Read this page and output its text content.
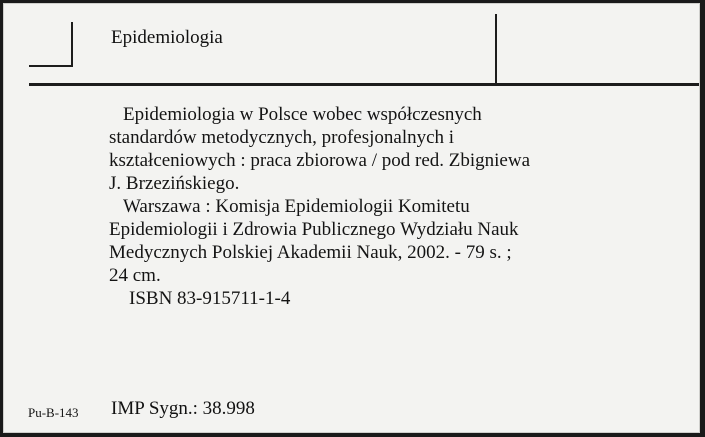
Epidemiologia
Epidemiologia w Polsce wobec współczesnych
standardów metodycznych, profesjonalnych i
kształceniowych : praca zbiorowa / pod red. Zbigniewa
J. Brzezińskiego.
Warszawa : Komisja Epidemiologii Komitetu
Epidemiologii i Zdrowia Publicznego Wydziału Nauk
Medycznych Polskiej Akademii Nauk, 2002. - 79 s. ;
24 cm.
ISBN 83-915711-1-4
Pu-B-143 IMP Sygn.: 38.998
